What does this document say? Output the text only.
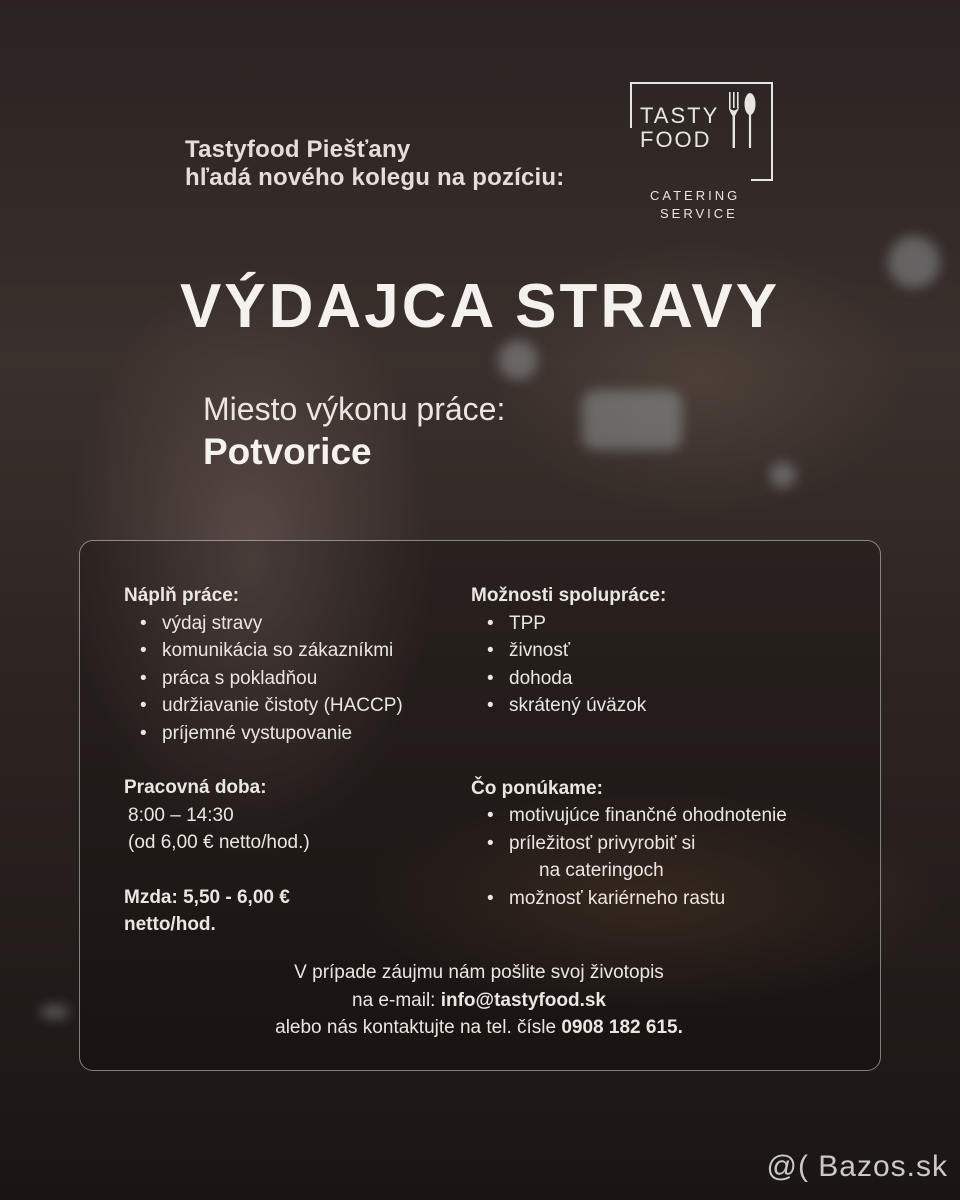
Tastyfood Piešťany
hľadá nového kolegu na pozíciu:
TASTY
FOOD
CATERING
SERVICE
VÝDAJCA STRAVY
Miesto výkonu práce:
Potvorice
Náplň práce:
• výdaj stravy
• komunikácia so zákazníkmi
• práca s pokladňou
• udržiavanie čistoty (HACCP)
• príjemné vystupovanie
Pracovná doba:
8:00 – 14:30
(od 6,00 € netto/hod.)
Mzda: 5,50 - 6,00 €
netto/hod.
Možnosti spolupráce:
• TPP
• živnosť
• dohoda
• skrátený úväzok
Čo ponúkame:
• motivujúce finančné ohodnotenie
• príležitosť privyrobiť si
na cateringoch
• možnosť kariérneho rastu
V prípade záujmu nám pošlite svoj životopis
na e-mail: info@tastyfood.sk
alebo nás kontaktujte na tel. čísle 0908 182 615.
@( Bazos.sk
